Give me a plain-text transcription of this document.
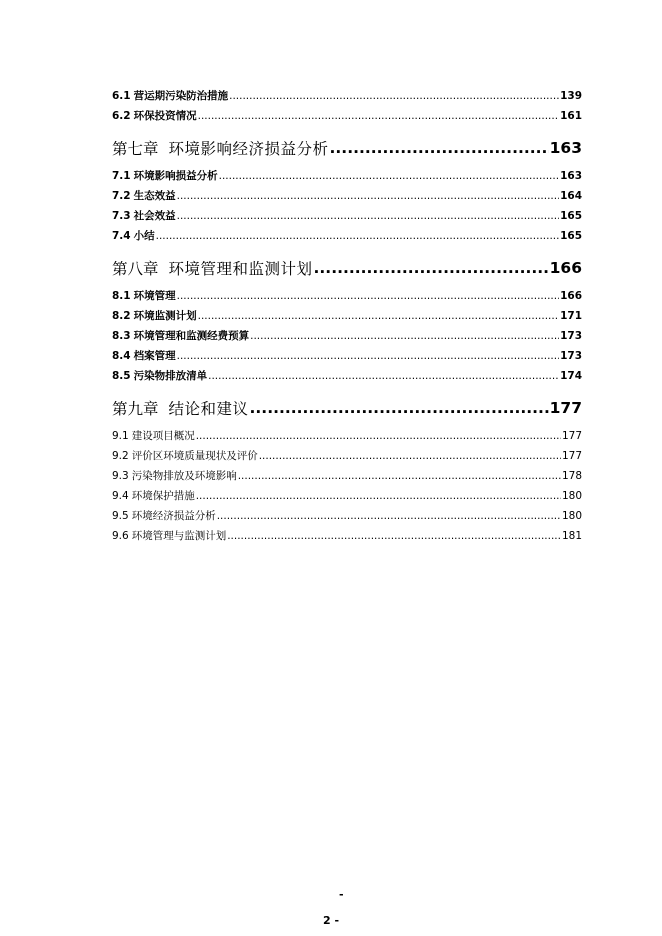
6.1 营运期污染防治措施 .....	139
6.2 环保投资情况 .....	161
第七章 环境影响经济损益分析 .....	163
7.1 环境影响损益分析 .....	163
7.2 生态效益 .....	164
7.3 社会效益 .....	165
7.4 小结 .....	165
第八章 环境管理和监测计划 .....	166
8.1 环境管理 .....	166
8.2 环境监测计划 .....	171
8.3 环境管理和监测经费预算 .....	173
8.4 档案管理 .....	173
8.5 污染物排放清单 .....	174
第九章 结论和建议 .....	177
9.1 建设项目概况 .....	177
9.2 评价区环境质量现状及评价 .....	177
9.3 污染物排放及环境影响 .....	178
9.4 环境保护措施 .....	180
9.5 环境经济损益分析 .....	180
9.6 环境管理与监测计划 .....	181
-
2 -
